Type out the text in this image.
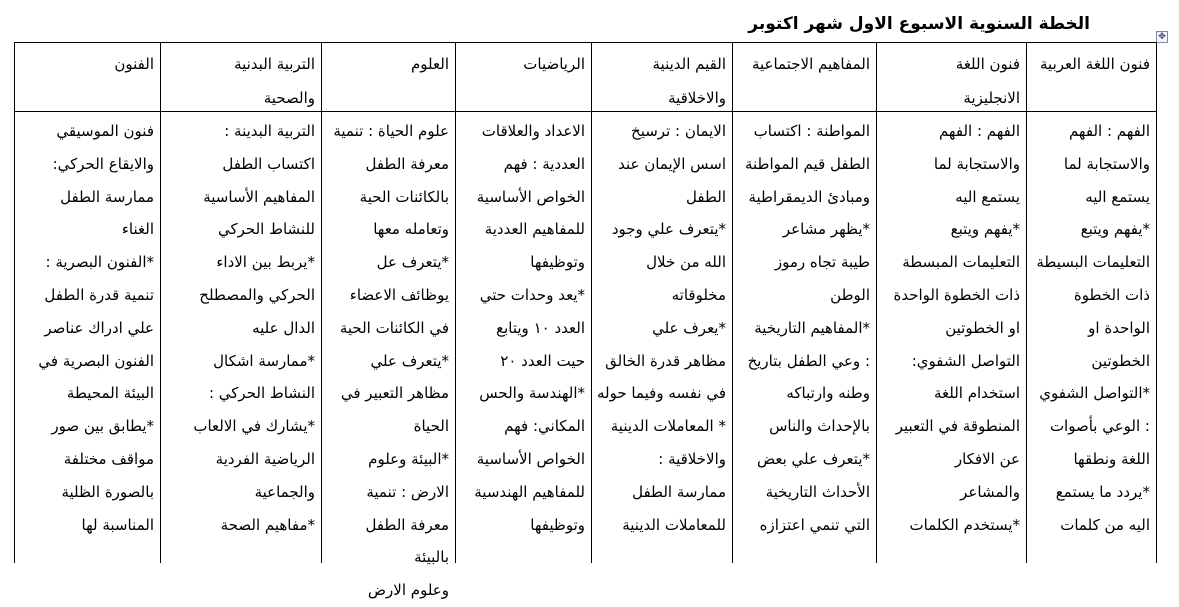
الخطة السنوية الاسبوع الاول شهر اكتوبر
✥
فنون اللغة العربية
فنون اللغة
الانجليزية
المفاهيم الاجتماعية
القيم الدينية
والاخلاقية
الرياضيات
العلوم
التربية البدنية
والصحية
الفنون
الفهم : الفهم
والاستجابة لما
يستمع اليه
*يفهم ويتبع
التعليمات البسيطة
ذات الخطوة
الواحدة او
الخطوتين
*التواصل الشفوي
: الوعي بأصوات
اللغة ونطقها
*يردد ما يستمع
اليه من كلمات
الفهم : الفهم
والاستجابة لما
يستمع اليه
*يفهم ويتبع
التعليمات المبسطة
ذات الخطوة الواحدة
او الخطوتين
التواصل الشفوي:
استخدام اللغة
المنطوقة في التعبير
عن الافكار
والمشاعر
*يستخدم الكلمات
المواطنة : اكتساب
الطفل قيم المواطنة
ومبادئ الديمقراطية
*يظهر مشاعر
طيبة تجاه رموز
الوطن
*المفاهيم التاريخية
: وعي الطفل بتاريخ
وطنه وارتباكه
بالإحداث والناس
*يتعرف علي بعض
الأحداث التاريخية
التي تنمي اعتزازه
الايمان : ترسيخ
اسس الإيمان عند
الطفل
*يتعرف علي وجود
الله من خلال
مخلوقاته
*يعرف علي
مظاهر قدرة الخالق
في نفسه وفيما حوله
* المعاملات الدينية
والاخلاقية :
ممارسة الطفل
للمعاملات الدينية
الاعداد والعلاقات
العددية : فهم
الخواص الأساسية
للمفاهيم العددية
وتوظيفها
*يعد وحدات حتي
العدد ١٠ ويتابع
حيت العدد ٢٠
*الهندسة والحس
المكاني: فهم
الخواص الأساسية
للمفاهيم الهندسية
وتوظيفها
علوم الحياة : تنمية
معرفة الطفل
بالكائنات الحية
وتعامله معها
*يتعرف عل
يوظائف الاعضاء
في الكائنات الحية
*يتعرف علي
مظاهر التعبير في
الحياة
*البيئة وعلوم
الارض : تنمية
معرفة الطفل بالبيئة
وعلوم الارض
التربية البدينة :
اكتساب الطفل
المفاهيم الأساسية
للنشاط الحركي
*يربط بين الاداء
الحركي والمصطلح
الدال عليه
*ممارسة اشكال
النشاط الحركي :
*يشارك في الالعاب
الرياضية الفردية
والجماعية
*مفاهيم الصحة
فنون الموسيقي
والايقاع الحركي:
ممارسة الطفل
الغناء
*الفنون البصرية :
تنمية قدرة الطفل
علي ادراك عناصر
الفنون البصرية في
البيئة المحيطة
*يطابق بين صور
مواقف مختلفة
بالصورة الظلية
المناسبة لها
